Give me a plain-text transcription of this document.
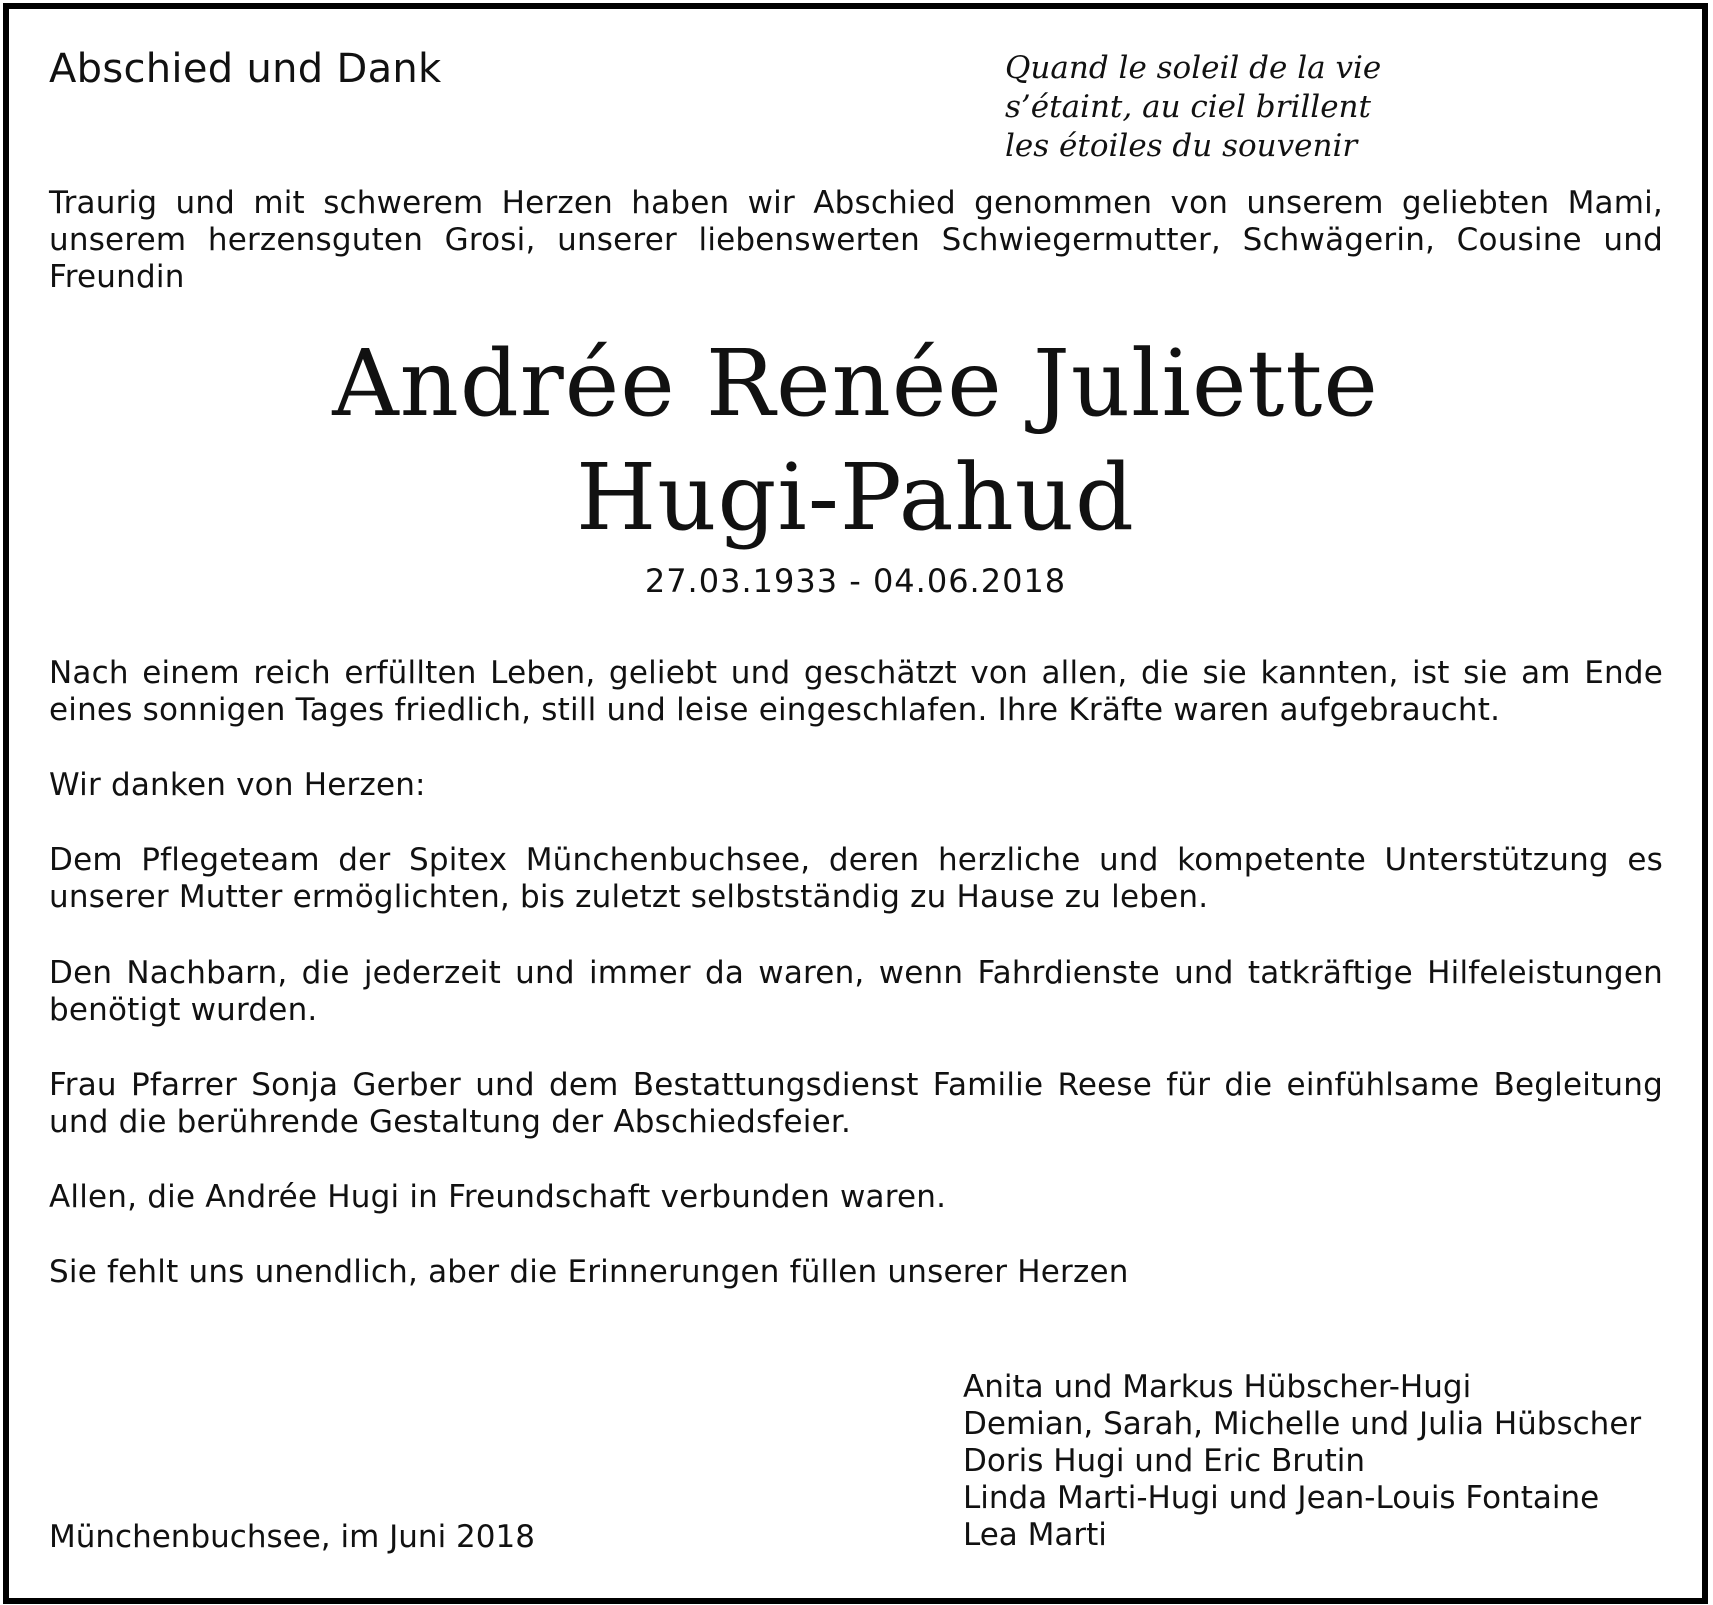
Abschied und Dank	Quand le soleil de la vie
s’étaint, au ciel brillent
les étoiles du souvenir

Traurig und mit schwerem Herzen haben wir Abschied genommen von unserem geliebten Mami, unserem herzensguten Grosi, unserer liebenswerten Schwiegermutter, Schwägerin, Cousine und Freundin

Andrée Renée Juliette
Hugi-Pahud
27.03.1933 - 04.06.2018

Nach einem reich erfüllten Leben, geliebt und geschätzt von allen, die sie kannten, ist sie am Ende eines sonnigen Tages friedlich, still und leise eingeschlafen. Ihre Kräfte waren aufgebraucht.

Wir danken von Herzen:

Dem Pflegeteam der Spitex Münchenbuchsee, deren herzliche und kompetente Unterstützung es unserer Mutter ermöglichten, bis zuletzt selbstständig zu Hause zu leben.

Den Nachbarn, die jederzeit und immer da waren, wenn Fahrdienste und tatkräftige Hilfeleistungen benötigt wurden.

Frau Pfarrer Sonja Gerber und dem Bestattungsdienst Familie Reese für die einfühlsame Begleitung und die berührende Gestaltung der Abschiedsfeier.

Allen, die Andrée Hugi in Freundschaft verbunden waren.

Sie fehlt uns unendlich, aber die Erinnerungen füllen unserer Herzen

Anita und Markus Hübscher-Hugi
Demian, Sarah, Michelle und Julia Hübscher
Doris Hugi und Eric Brutin
Linda Marti-Hugi und Jean-Louis Fontaine
Lea Marti
Münchenbuchsee, im Juni 2018
